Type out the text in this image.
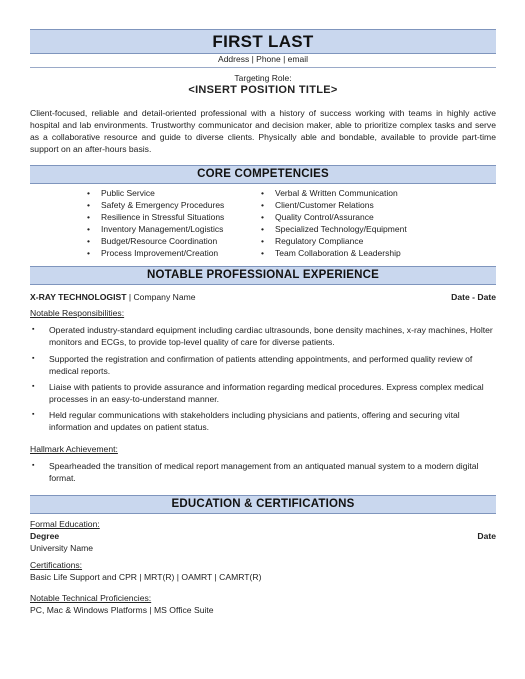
FIRST LAST
Address | Phone | email
Targeting Role:
<INSERT POSITION TITLE>
Client-focused, reliable and detail-oriented professional with a history of success working with teams in highly active hospital and lab environments. Trustworthy communicator and decision maker, able to prioritize complex tasks and serve as a collaborative resource and guide to diverse clients. Physically able and bondable, available to provide part-time support on an after-hours basis.
CORE COMPETENCIES
• Public Service
• Safety & Emergency Procedures
• Resilience in Stressful Situations
• Inventory Management/Logistics
• Budget/Resource Coordination
• Process Improvement/Creation
• Verbal & Written Communication
• Client/Customer Relations
• Quality Control/Assurance
• Specialized Technology/Equipment
• Regulatory Compliance
• Team Collaboration & Leadership
NOTABLE PROFESSIONAL EXPERIENCE
X-RAY TECHNOLOGIST | Company Name	Date - Date
Notable Responsibilities:
▪ Operated industry-standard equipment including cardiac ultrasounds, bone density machines, x-ray machines, Holter monitors and ECGs, to provide top-level quality of care for diverse patients.
▪ Supported the registration and confirmation of patients attending appointments, and performed quality review of medical reports.
▪ Liaise with patients to provide assurance and information regarding medical procedures. Express complex medical processes in an easy-to-understand manner.
▪ Held regular communications with stakeholders including physicians and patients, offering and securing vital information and updates on patient status.
Hallmark Achievement:
▪ Spearheaded the transition of medical report management from an antiquated manual system to a modern digital format.
EDUCATION & CERTIFICATIONS
Formal Education:
Degree	Date
University Name
Certifications:
Basic Life Support and CPR | MRT(R) | OAMRT | CAMRT(R)
Notable Technical Proficiencies:
PC, Mac & Windows Platforms | MS Office Suite
